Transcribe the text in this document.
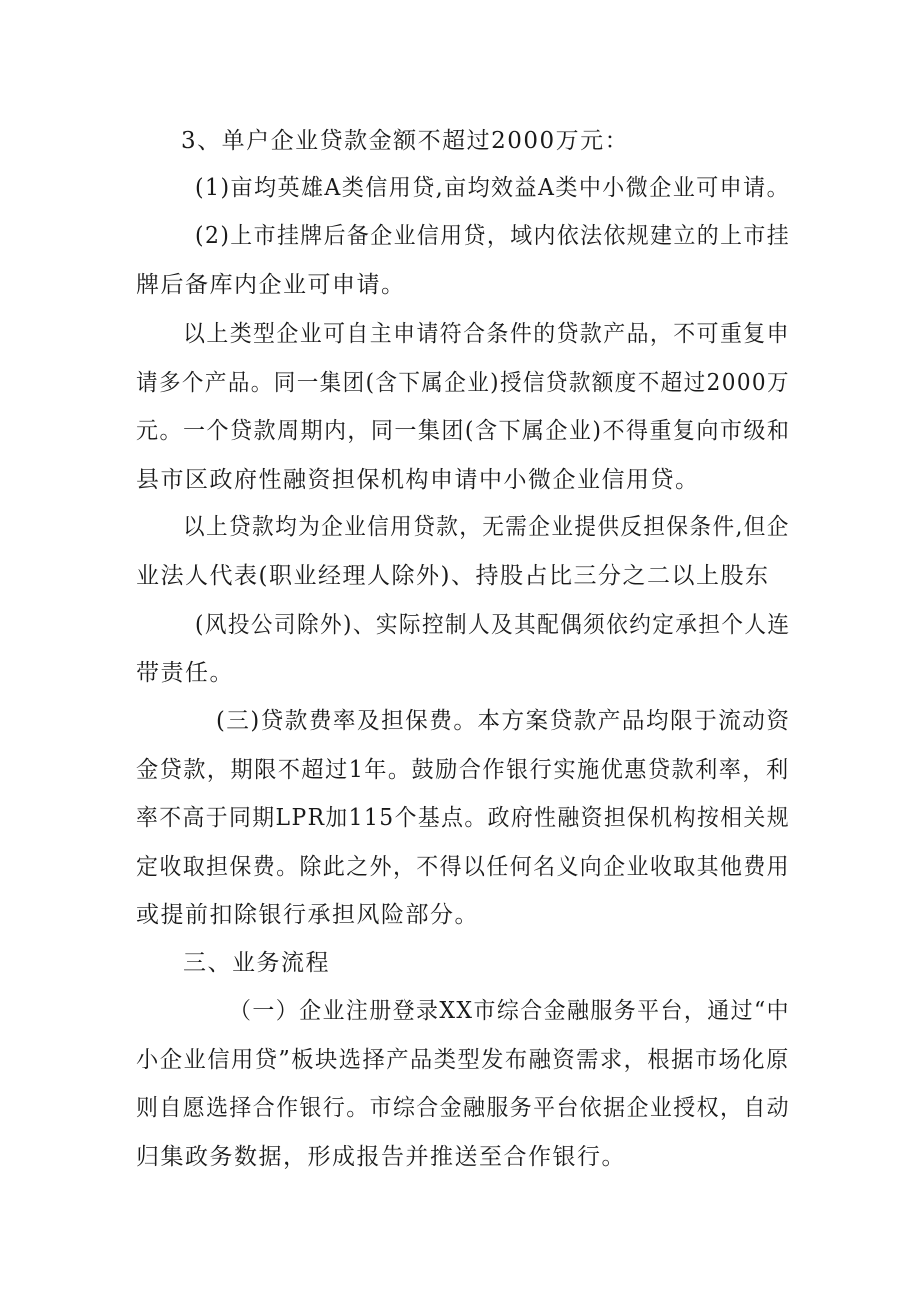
3、单户企业贷款金额不超过2000万元：
(1)亩均英雄A类信用贷,亩均效益A类中小微企业可申请。
(2)上市挂牌后备企业信用贷，域内依法依规建立的上市挂
牌后备库内企业可申请。
以上类型企业可自主申请符合条件的贷款产品，不可重复申
请多个产品。同一集团(含下属企业)授信贷款额度不超过2000万
元。一个贷款周期内，同一集团(含下属企业)不得重复向市级和
县市区政府性融资担保机构申请中小微企业信用贷。
以上贷款均为企业信用贷款，无需企业提供反担保条件,但企
业法人代表(职业经理人除外)、持股占比三分之二以上股东
(风投公司除外)、实际控制人及其配偶须依约定承担个人连
带责任。
(三)贷款费率及担保费。本方案贷款产品均限于流动资
金贷款，期限不超过1年。鼓励合作银行实施优惠贷款利率，利
率不高于同期LPR加115个基点。政府性融资担保机构按相关规
定收取担保费。除此之外，不得以任何名义向企业收取其他费用
或提前扣除银行承担风险部分。
三、业务流程
（一）企业注册登录XX市综合金融服务平台，通过“中
小企业信用贷”板块选择产品类型发布融资需求，根据市场化原
则自愿选择合作银行。市综合金融服务平台依据企业授权，自动
归集政务数据，形成报告并推送至合作银行。
